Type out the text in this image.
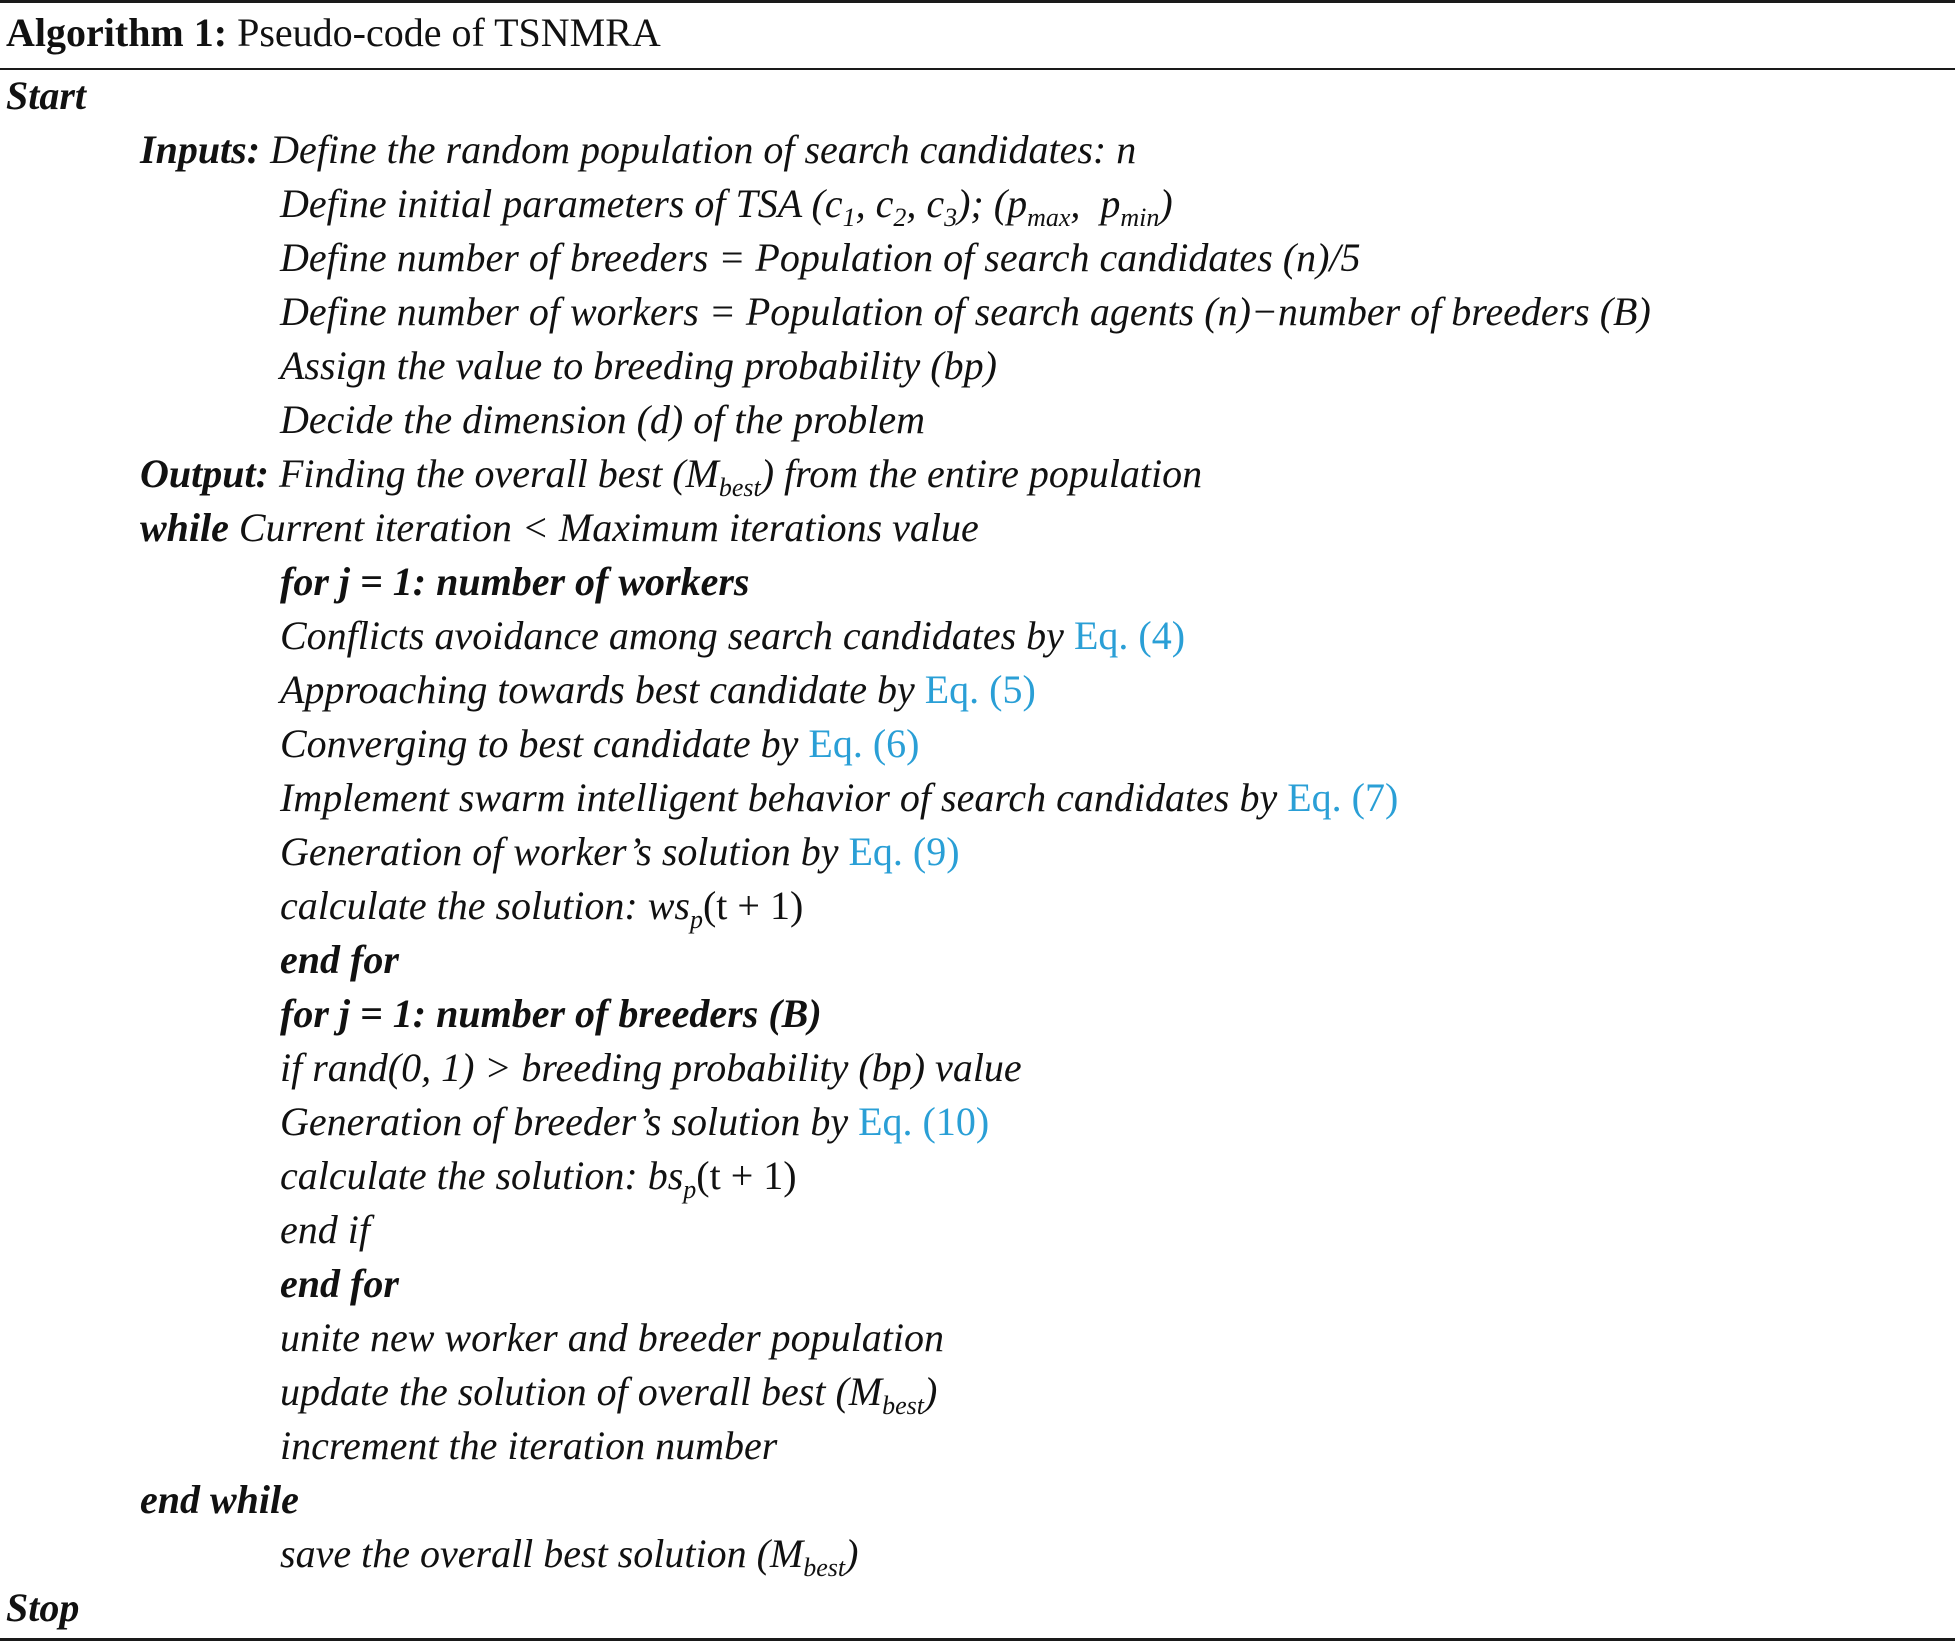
Algorithm 1: Pseudo-code of TSNMRA
Start
Inputs: Define the random population of search candidates: n
Define initial parameters of TSA ($c_1$, $c_2$, $c_3$); ($p_{max}$,  $p_{min}$)
Define number of breeders = Population of search candidates (n)/5
Define number of workers = Population of search agents (n)−number of breeders (B)
Assign the value to breeding probability (bp)
Decide the dimension (d) of the problem
Output: Finding the overall best $(M_{best})$ from the entire population
while Current iteration < Maximum iterations value
for j = 1: number of workers
Conflicts avoidance among search candidates by Eq. (4)
Approaching towards best candidate by Eq. (5)
Converging to best candidate by Eq. (6)
Implement swarm intelligent behavior of search candidates by Eq. (7)
Generation of worker’s solution by Eq. (9)
calculate the solution: $ws_p(t + 1)$
end for
for j = 1: number of breeders (B)
if rand(0, 1) > breeding probability (bp) value
Generation of breeder’s solution by Eq. (10)
calculate the solution: $bs_p(t + 1)$
end if
end for
unite new worker and breeder population
update the solution of overall best $(M_{best})$
increment the iteration number
end while
save the overall best solution $(M_{best})$
Stop
